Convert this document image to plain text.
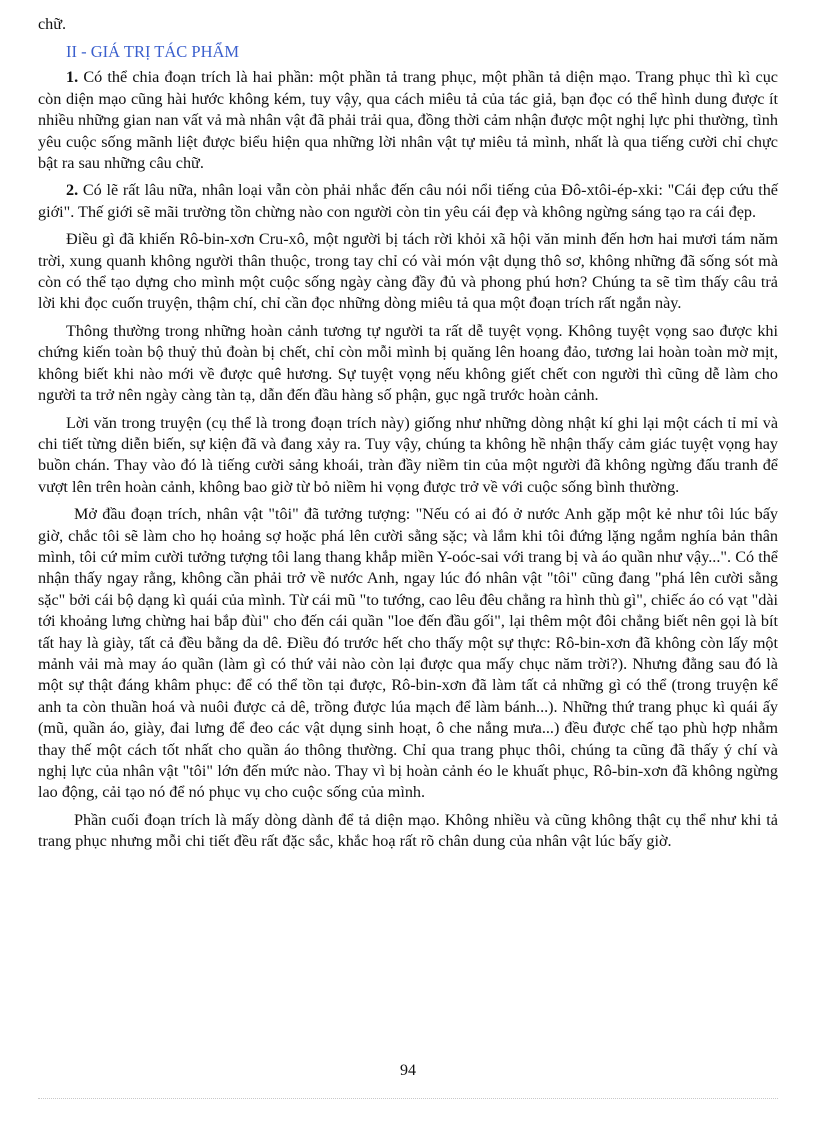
chữ.

II - GIÁ TRỊ TÁC PHẨM

1. Có thể chia đoạn trích là hai phần: một phần tả trang phục, một phần tả diện mạo. Trang phục thì kì cục còn diện mạo cũng hài hước không kém, tuy vậy, qua cách miêu tả của tác giả, bạn đọc có thể hình dung được ít nhiều những gian nan vất vả mà nhân vật đã phải trải qua, đồng thời cảm nhận được một nghị lực phi thường, tình yêu cuộc sống mãnh liệt được biểu hiện qua những lời nhân vật tự miêu tả mình, nhất là qua tiếng cười chỉ chực bật ra sau những câu chữ.

2. Có lẽ rất lâu nữa, nhân loại vẫn còn phải nhắc đến câu nói nổi tiếng của Đô-xtôi-ép-xki: "Cái đẹp cứu thế giới". Thế giới sẽ mãi trường tồn chừng nào con người còn tin yêu cái đẹp và không ngừng sáng tạo ra cái đẹp.

Điều gì đã khiến Rô-bin-xơn Cru-xô, một người bị tách rời khỏi xã hội văn minh đến hơn hai mươi tám năm trời, xung quanh không người thân thuộc, trong tay chỉ có vài món vật dụng thô sơ, không những đã sống sót mà còn có thể tạo dựng cho mình một cuộc sống ngày càng đầy đủ và phong phú hơn? Chúng ta sẽ tìm thấy câu trả lời khi đọc cuốn truyện, thậm chí, chỉ cần đọc những dòng miêu tả qua một đoạn trích rất ngắn này.

Thông thường trong những hoàn cảnh tương tự người ta rất dễ tuyệt vọng. Không tuyệt vọng sao được khi chứng kiến toàn bộ thuỷ thủ đoàn bị chết, chỉ còn mỗi mình bị quăng lên hoang đảo, tương lai hoàn toàn mờ mịt, không biết khi nào mới về được quê hương. Sự tuyệt vọng nếu không giết chết con người thì cũng dễ làm cho người ta trở nên ngày càng tàn tạ, dẫn đến đầu hàng số phận, gục ngã trước hoàn cảnh.

Lời văn trong truyện (cụ thể là trong đoạn trích này) giống như những dòng nhật kí ghi lại một cách tỉ mỉ và chi tiết từng diễn biến, sự kiện đã và đang xảy ra. Tuy vậy, chúng ta không hề nhận thấy cảm giác tuyệt vọng hay buồn chán. Thay vào đó là tiếng cười sảng khoái, tràn đầy niềm tin của một người đã không ngừng đấu tranh để vượt lên trên hoàn cảnh, không bao giờ từ bỏ niềm hi vọng được trở về với cuộc sống bình thường.

Mở đầu đoạn trích, nhân vật "tôi" đã tưởng tượng: "Nếu có ai đó ở nước Anh gặp một kẻ như tôi lúc bấy giờ, chắc tôi sẽ làm cho họ hoảng sợ hoặc phá lên cười sằng sặc; và lắm khi tôi đứng lặng ngắm nghía bản thân mình, tôi cứ mỉm cười tưởng tượng tôi lang thang khắp miền Y-oóc-sai với trang bị và áo quần như vậy...". Có thể nhận thấy ngay rằng, không cần phải trở về nước Anh, ngay lúc đó nhân vật "tôi" cũng đang "phá lên cười sằng sặc" bởi cái bộ dạng kì quái của mình. Từ cái mũ "to tướng, cao lêu đêu chẳng ra hình thù gì", chiếc áo có vạt "dài tới khoảng lưng chừng hai bắp đùi" cho đến cái quần "loe đến đầu gối", lại thêm một đôi chẳng biết nên gọi là bít tất hay là giày, tất cả đều bằng da dê. Điều đó trước hết cho thấy một sự thực: Rô-bin-xơn đã không còn lấy một mảnh vải mà may áo quần (làm gì có thứ vải nào còn lại được qua mấy chục năm trời?). Nhưng đằng sau đó là một sự thật đáng khâm phục: để có thể tồn tại được, Rô-bin-xơn đã làm tất cả những gì có thể (trong truyện kể anh ta còn thuần hoá và nuôi được cả dê, trồng được lúa mạch để làm bánh...). Những thứ trang phục kì quái ấy (mũ, quần áo, giày, đai lưng để đeo các vật dụng sinh hoạt, ô che nắng mưa...) đều được chế tạo phù hợp nhằm thay thế một cách tốt nhất cho quần áo thông thường. Chỉ qua trang phục thôi, chúng ta cũng đã thấy ý chí và nghị lực của nhân vật "tôi" lớn đến mức nào. Thay vì bị hoàn cảnh éo le khuất phục, Rô-bin-xơn đã không ngừng lao động, cải tạo nó để nó phục vụ cho cuộc sống của mình.

Phần cuối đoạn trích là mấy dòng dành để tả diện mạo. Không nhiều và cũng không thật cụ thể như khi tả trang phục nhưng mỗi chi tiết đều rất đặc sắc, khắc hoạ rất rõ chân dung của nhân vật lúc bấy giờ.

94
